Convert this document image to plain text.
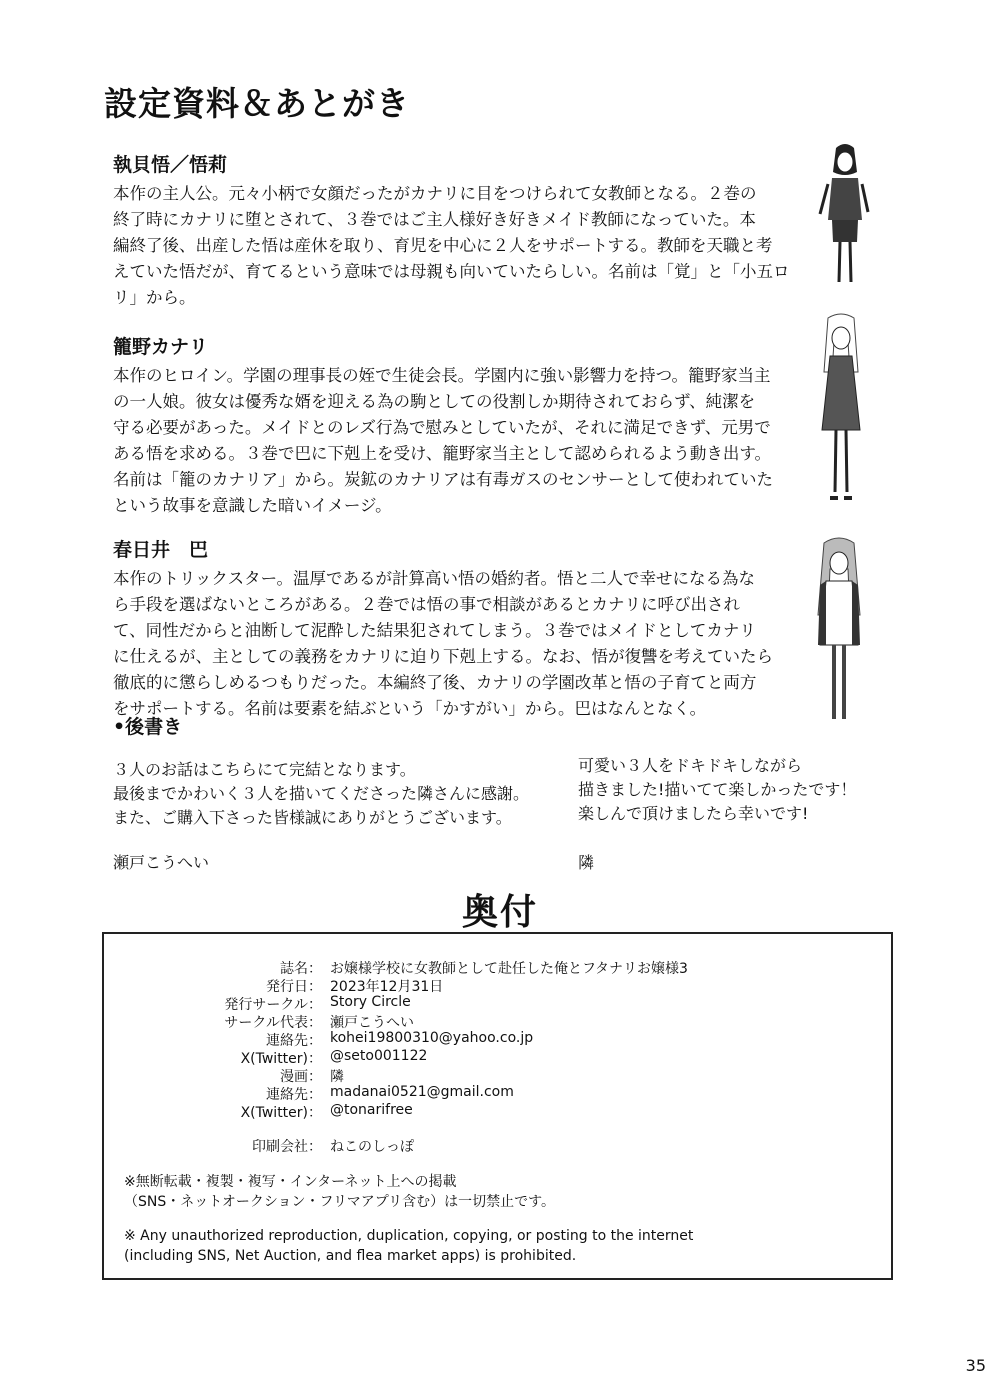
設定資料＆あとがき

執貝悟／悟莉

本作の主人公。元々小柄で女顔だったがカナリに目をつけられて女教師となる。２巻の
終了時にカナリに堕とされて、３巻ではご主人様好き好きメイド教師になっていた。本
編終了後、出産した悟は産休を取り、育児を中心に２人をサポートする。教師を天職と考
えていた悟だが、育てるという意味では母親も向いていたらしい。名前は「覚」と「小五ロ
リ」から。

籠野カナリ

本作のヒロイン。学園の理事長の姪で生徒会長。学園内に強い影響力を持つ。籠野家当主
の一人娘。彼女は優秀な婿を迎える為の駒としての役割しか期待されておらず、純潔を
守る必要があった。メイドとのレズ行為で慰みとしていたが、それに満足できず、元男で
ある悟を求める。３巻で巴に下剋上を受け、籠野家当主として認められるよう動き出す。
名前は「籠のカナリア」から。炭鉱のカナリアは有毒ガスのセンサーとして使われていた
という故事を意識した暗いイメージ。

春日井　巴

本作のトリックスター。温厚であるが計算高い悟の婚約者。悟と二人で幸せになる為な
ら手段を選ばないところがある。２巻では悟の事で相談があるとカナリに呼び出され
て、同性だからと油断して泥酔した結果犯されてしまう。３巻ではメイドとしてカナリ
に仕えるが、主としての義務をカナリに迫り下剋上する。なお、悟が復讐を考えていたら
徹底的に懲らしめるつもりだった。本編終了後、カナリの学園改革と悟の子育てと両方
をサポートする。名前は要素を結ぶという「かすがい」から。巴はなんとなく。

•後書き

３人のお話はこちらにて完結となります。

最後までかわいく３人を描いてくださった隣さんに感謝。

また、ご購入下さった皆様誠にありがとうございます。

瀬戸こうへい

可愛い３人をドキドキしながら

描きました!描いてて楽しかったです！

楽しんで頂けましたら幸いです!

隣

奥付

誌名： お嬢様学校に女教師として赴任した俺とフタナリお嬢様3
発行日： 2023年12月31日
発行サークル： Story Circle
サークル代表： 瀬戸こうへい
連絡先： kohei19800310@yahoo.co.jp
X(Twitter)： @seto001122
漫画： 隣
連絡先： madanai0521@gmail.com
X(Twitter)： @tonarifree
印刷会社： ねこのしっぽ

※無断転載・複製・複写・インターネット上への掲載

（SNS・ネットオークション・フリマアプリ含む）は一切禁止です。

※ Any unauthorized reproduction, duplication, copying, or posting to the internet

(including SNS, Net Auction, and flea market apps) is prohibited.

35
